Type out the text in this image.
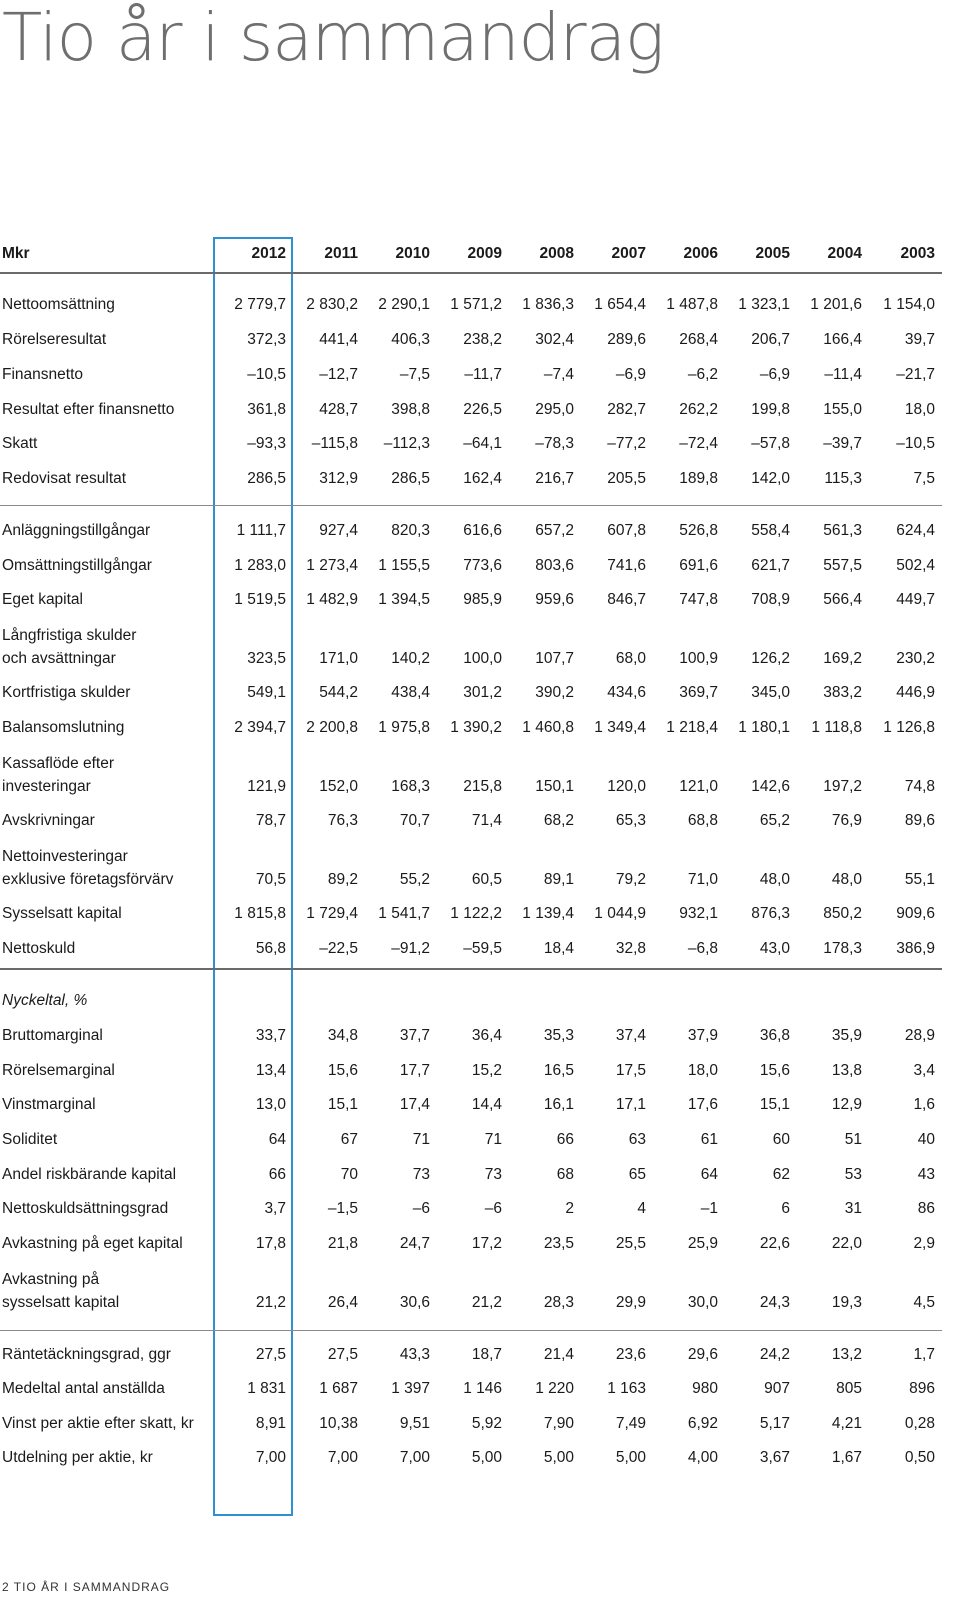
Tio år i sammandrag
Mkr	2012	2011	2010	2009	2008	2007	2006	2005	2004	2003
Nettoomsättning	2 779,7	2 830,2	2 290,1	1 571,2	1 836,3	1 654,4	1 487,8	1 323,1	1 201,6	1 154,0
Rörelseresultat	372,3	441,4	406,3	238,2	302,4	289,6	268,4	206,7	166,4	39,7
Finansnetto	–10,5	–12,7	–7,5	–11,7	–7,4	–6,9	–6,2	–6,9	–11,4	–21,7
Resultat efter finansnetto	361,8	428,7	398,8	226,5	295,0	282,7	262,2	199,8	155,0	18,0
Skatt	–93,3	–115,8	–112,3	–64,1	–78,3	–77,2	–72,4	–57,8	–39,7	–10,5
Redovisat resultat	286,5	312,9	286,5	162,4	216,7	205,5	189,8	142,0	115,3	7,5
Anläggningstillgångar	1 111,7	927,4	820,3	616,6	657,2	607,8	526,8	558,4	561,3	624,4
Omsättningstillgångar	1 283,0	1 273,4	1 155,5	773,6	803,6	741,6	691,6	621,7	557,5	502,4
Eget kapital	1 519,5	1 482,9	1 394,5	985,9	959,6	846,7	747,8	708,9	566,4	449,7
Långfristiga skulder
och avsättningar	323,5	171,0	140,2	100,0	107,7	68,0	100,9	126,2	169,2	230,2
Kortfristiga skulder	549,1	544,2	438,4	301,2	390,2	434,6	369,7	345,0	383,2	446,9
Balansomslutning	2 394,7	2 200,8	1 975,8	1 390,2	1 460,8	1 349,4	1 218,4	1 180,1	1 118,8	1 126,8
Kassaflöde efter
investeringar	121,9	152,0	168,3	215,8	150,1	120,0	121,0	142,6	197,2	74,8
Avskrivningar	78,7	76,3	70,7	71,4	68,2	65,3	68,8	65,2	76,9	89,6
Nettoinvesteringar
exklusive företagsförvärv	70,5	89,2	55,2	60,5	89,1	79,2	71,0	48,0	48,0	55,1
Sysselsatt kapital	1 815,8	1 729,4	1 541,7	1 122,2	1 139,4	1 044,9	932,1	876,3	850,2	909,6
Nettoskuld	56,8	–22,5	–91,2	–59,5	18,4	32,8	–6,8	43,0	178,3	386,9
Bruttomarginal	33,7	34,8	37,7	36,4	35,3	37,4	37,9	36,8	35,9	28,9
Rörelsemarginal	13,4	15,6	17,7	15,2	16,5	17,5	18,0	15,6	13,8	3,4
Vinstmarginal	13,0	15,1	17,4	14,4	16,1	17,1	17,6	15,1	12,9	1,6
Soliditet	64	67	71	71	66	63	61	60	51	40
Andel riskbärande kapital	66	70	73	73	68	65	64	62	53	43
Nettoskuldsättningsgrad	3,7	–1,5	–6	–6	2	4	–1	6	31	86
Avkastning på eget kapital	17,8	21,8	24,7	17,2	23,5	25,5	25,9	22,6	22,0	2,9
Avkastning på
sysselsatt kapital	21,2	26,4	30,6	21,2	28,3	29,9	30,0	24,3	19,3	4,5
Räntetäckningsgrad, ggr	27,5	27,5	43,3	18,7	21,4	23,6	29,6	24,2	13,2	1,7
Medeltal antal anställda	1 831	1 687	1 397	1 146	1 220	1 163	980	907	805	896
Vinst per aktie efter skatt, kr	8,91	10,38	9,51	5,92	7,90	7,49	6,92	5,17	4,21	0,28
Utdelning per aktie, kr	7,00	7,00	7,00	5,00	5,00	5,00	4,00	3,67	1,67	0,50
Nyckeltal, %
2 TIO ÅR I SAMMANDRAG
